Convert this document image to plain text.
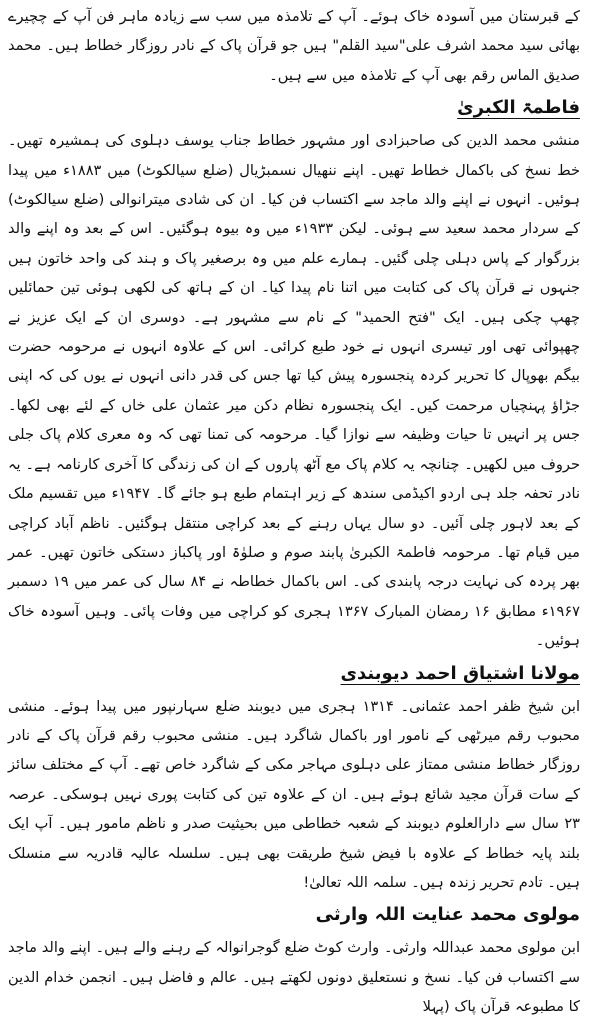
کے قبرستان میں آسودہ خاک ہوئے۔ آپ کے تلامذہ میں سب سے زیادہ ماہر فن آپ کے چچیرے بھائی سید محمد اشرف علی"سید القلم" ہیں جو قرآن پاک کے نادر روزگار خطاط ہیں۔ محمد صدیق الماس رقم بھی آپ کے تلامذہ میں سے ہیں۔

فاطمۃ الکبریٰ

منشی محمد الدین کی صاحبزادی اور مشہور خطاط جناب یوسف دہلوی کی ہمشیرہ تھیں۔ خط نسخ کی باکمال خطاط تھیں۔ اپنے ننھیال نسمبڑیال (ضلع سیالکوٹ) میں ۱۸۸۳ء میں پیدا ہوئیں۔ انہوں نے اپنے والد ماجد سے اکتساب فن کیا۔ ان کی شادی میترانوالی (ضلع سیالکوٹ) کے سردار محمد سعید سے ہوئی۔ لیکن ۱۹۳۳ء میں وہ بیوہ ہوگئیں۔ اس کے بعد وہ اپنے والد بزرگوار کے پاس دہلی چلی گئیں۔ ہمارے علم میں وہ برصغیر پاک و ہند کی واحد خاتون ہیں جنہوں نے قرآن پاک کی کتابت میں اتنا نام پیدا کیا۔ ان کے ہاتھ کی لکھی ہوئی تین حمائلیں چھپ چکی ہیں۔ ایک "فتح الحمید" کے نام سے مشہور ہے۔ دوسری ان کے ایک عزیز نے چھپوائی تھی اور تیسری انہوں نے خود طبع کرائی۔ اس کے علاوہ انہوں نے مرحومہ حضرت بیگم بھوپال کا تحریر کردہ پنجسورہ پیش کیا تھا جس کی قدر دانی انہوں نے یوں کی کہ اپنی جڑاؤ پہنچیاں مرحمت کیں۔ ایک پنجسورہ نظام دکن میر عثمان علی خاں کے لئے بھی لکھا۔ جس پر انہیں تا حیات وظیفہ سے نوازا گیا۔ مرحومہ کی تمنا تھی کہ وہ معری کلام پاک جلی حروف میں لکھیں۔ چنانچہ یہ کلام پاک مع آٹھ پاروں کے ان کی زندگی کا آخری کارنامہ ہے۔ یہ نادر تحفہ جلد ہی اردو اکیڈمی سندھ کے زیر اہتمام طبع ہو جائے گا۔ ۱۹۴۷ء میں تقسیم ملک کے بعد لاہور چلی آئیں۔ دو سال یہاں رہنے کے بعد کراچی منتقل ہوگئیں۔ ناظم آباد کراچی میں قیام تھا۔ مرحومہ فاطمۃ الکبریٰ پابند صوم و صلوٰۃ اور پاکباز دستکی خاتون تھیں۔ عمر بھر پردہ کی نہایت درجہ پابندی کی۔ اس باکمال خطاطہ نے ۸۴ سال کی عمر میں ۱۹ دسمبر ۱۹۶۷ء مطابق ۱۶ رمضان المبارک ۱۳۶۷ ہجری کو کراچی میں وفات پائی۔ وہیں آسودہ خاک ہوئیں۔

مولانا اشتیاق احمد دیوبندی

ابن شیخ ظفر احمد عثمانی۔ ۱۳۱۴ ہجری میں دیوبند ضلع سہارنپور میں پیدا ہوئے۔ منشی محبوب رقم میرٹھی کے نامور اور باکمال شاگرد ہیں۔ منشی محبوب رقم قرآن پاک کے نادر روزگار خطاط منشی ممتاز علی دہلوی مہاجر مکی کے شاگرد خاص تھے۔ آپ کے مختلف سائز کے سات قرآن مجید شائع ہوئے ہیں۔ ان کے علاوہ تین کی کتابت پوری نہیں ہوسکی۔ عرصہ ۲۳ سال سے دارالعلوم دیوبند کے شعبہ خطاطی میں بحیثیت صدر و ناظم مامور ہیں۔ آپ ایک بلند پایہ خطاط کے علاوہ با فیض شیخ طریقت بھی ہیں۔ سلسلہ عالیہ قادریہ سے منسلک ہیں۔ تادم تحریر زندہ ہیں۔ سلمہ اللہ تعالیٰ!

مولوی محمد عنایت اللہ وارثی

ابن مولوی محمد عبداللہ وارثی۔ وارث کوٹ ضلع گوجرانوالہ کے رہنے والے ہیں۔ اپنے والد ماجد سے اکتساب فن کیا۔ نسخ و نستعلیق دونوں لکھتے ہیں۔ عالم و فاضل ہیں۔ انجمن خدام الدین کا مطبوعہ قرآن پاک (پہلا
